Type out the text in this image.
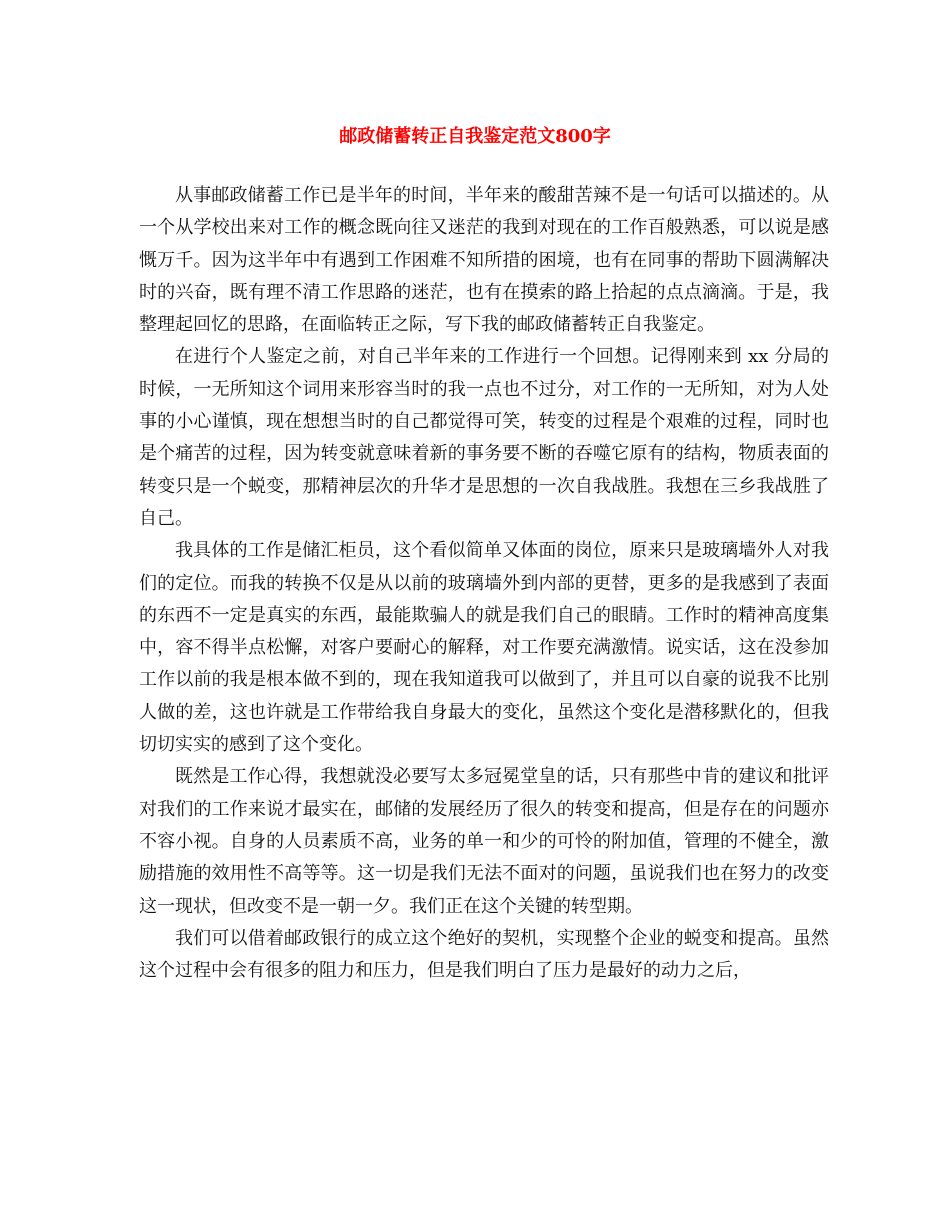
邮政储蓄转正自我鉴定范文800字

从事邮政储蓄工作已是半年的时间，半年来的酸甜苦辣不是一句话可以描述的。从一个从学校出来对工作的概念既向往又迷茫的我到对现在的工作百般熟悉，可以说是感慨万千。因为这半年中有遇到工作困难不知所措的困境，也有在同事的帮助下圆满解决时的兴奋，既有理不清工作思路的迷茫，也有在摸索的路上拾起的点点滴滴。于是，我整理起回忆的思路，在面临转正之际，写下我的邮政储蓄转正自我鉴定。

在进行个人鉴定之前，对自己半年来的工作进行一个回想。记得刚来到 xx 分局的时候，一无所知这个词用来形容当时的我一点也不过分，对工作的一无所知，对为人处事的小心谨慎，现在想想当时的自己都觉得可笑，转变的过程是个艰难的过程，同时也是个痛苦的过程，因为转变就意味着新的事务要不断的吞噬它原有的结构，物质表面的转变只是一个蜕变，那精神层次的升华才是思想的一次自我战胜。我想在三乡我战胜了自己。

我具体的工作是储汇柜员，这个看似简单又体面的岗位，原来只是玻璃墙外人对我们的定位。而我的转换不仅是从以前的玻璃墙外到内部的更替，更多的是我感到了表面的东西不一定是真实的东西，最能欺骗人的就是我们自己的眼睛。工作时的精神高度集中，容不得半点松懈，对客户要耐心的解释，对工作要充满激情。说实话，这在没参加工作以前的我是根本做不到的，现在我知道我可以做到了，并且可以自豪的说我不比别人做的差，这也许就是工作带给我自身最大的变化，虽然这个变化是潜移默化的，但我切切实实的感到了这个变化。

既然是工作心得，我想就没必要写太多冠冕堂皇的话，只有那些中肯的建议和批评对我们的工作来说才最实在，邮储的发展经历了很久的转变和提高，但是存在的问题亦不容小视。自身的人员素质不高，业务的单一和少的可怜的附加值，管理的不健全，激励措施的效用性不高等等。这一切是我们无法不面对的问题，虽说我们也在努力的改变这一现状，但改变不是一朝一夕。我们正在这个关键的转型期。

我们可以借着邮政银行的成立这个绝好的契机，实现整个企业的蜕变和提高。虽然这个过程中会有很多的阻力和压力，但是我们明白了压力是最好的动力之后，
